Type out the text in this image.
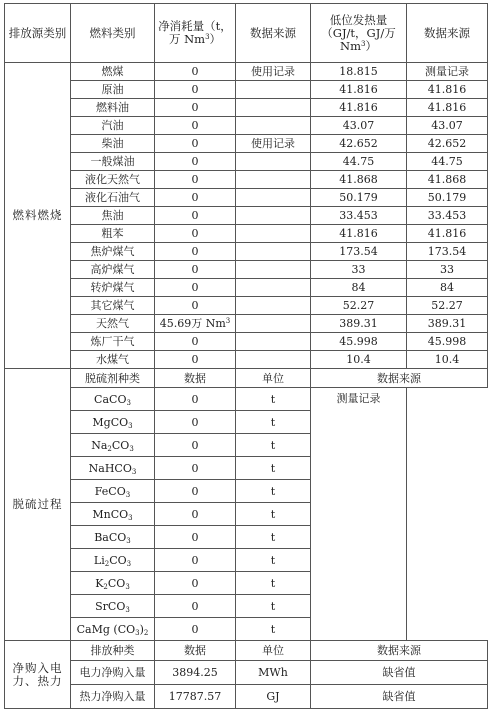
排放源类别	燃料类别	净消耗量（t，万 Nm$^3$）	数据来源	低位发热量（GJ/t，GJ/万 Nm$^3$）	数据来源
燃料燃烧	燃煤	0	使用记录	18.815	测量记录
	原油	0		41.816	41.816
	燃料油	0		41.816	41.816
	汽油	0		43.07	43.07
	柴油	0	使用记录	42.652	42.652
	一般煤油	0		44.75	44.75
	液化天然气	0		41.868	41.868
	液化石油气	0		50.179	50.179
	焦油	0		33.453	33.453
	粗苯	0		41.816	41.816
	焦炉煤气	0		173.54	173.54
	高炉煤气	0		33	33
	转炉煤气	0		84	84
	其它煤气	0		52.27	52.27
	天然气	45.69万 Nm$^3$		389.31	389.31
	炼厂干气	0		45.998	45.998
	水煤气	0		10.4	10.4
脱硫过程	脱硫剂种类	数据	单位	数据来源	
	CaCO$_3$	0	t	测量记录	
	MgCO$_3$	0	t		
	$Na_2CO_3$	0	t		
	NaHCO$_3$	0	t		
	FeCO$_3$	0	t		
	MnCO$_3$	0	t		
	BaCO$_3$	0	t		
	$Li_2CO_3$	0	t		
	$K_2CO_3$	0	t		
	SrCO$_3$	0	t		
	CaMg $(CO_3)_2$	0	t		
净购入电力、热力	排放种类	数据	单位	数据来源	
	电力净购入量	3894.25	MWh	缺省值	
	热力净购入量	17787.57	GJ	缺省值	
